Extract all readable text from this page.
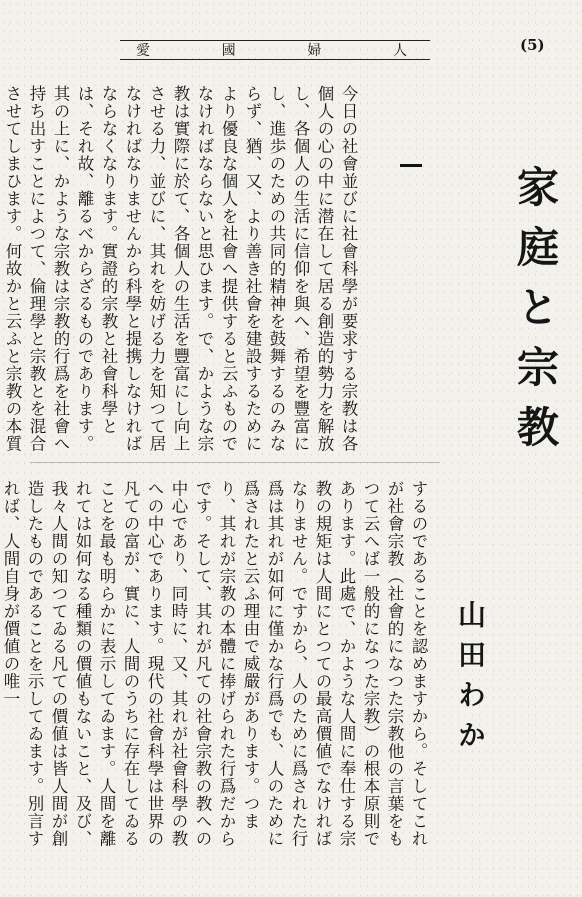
愛	國	婦	人	(5)
家庭と宗教
山田わか
今日の社會並びに社會科學が要求する宗教は各個人の心の中に潜在して居る創造的勢力を解放し、各個人の生活に信仰を與へ、希望を豐富にし、進歩のための共同的精神を鼓舞するのみならず、猶、又、より善き社會を建設するためにより優良な個人を社會へ提供すると云ふものでなければならないと思ひます。で、かような宗教は實際に於て、各個人の生活を豐富にし向上させる力、並びに、其れを妨げる力を知つて居なければなりませんから科學と提携しなければならなくなります。實證的宗教と社會科學とは、それ故、離るべからざるものであります。其の上に、かような宗教は宗教的行爲を社會へ持ち出すことによつて、倫理學と宗教とを混合させてしまひます。何故かと云ふと宗教の本質
するのであることを認めますから。そしてこれが社會宗教（社會的になつた宗教他の言葉をもつて云へば一般的になつた宗教）の根本原則であります。此處で、かような人間に奉仕する宗教の規矩は人間にとつての最高價値でなければなりません。ですから、人のために爲された行爲は其れが如何に僅かな行爲でも、人のために爲されたと云ふ理由で威嚴があります。つまり、其れが宗教の本體に捧げられた行爲だからです。そして、其れが凡ての社會宗教の教への中心であり、同時に、又、其れが社會科學の教への中心であります。現代の社會科學は世界の凡ての富が、實に、人間のうちに存在してゐることを最も明らかに表示してゐます。人間を離れては如何なる種類の價値もないこと、及び、我々人間の知つてゐる凡ての價値は皆人間が創造したものであることを示してゐます。別言すれば、人間自身が價値の唯一
